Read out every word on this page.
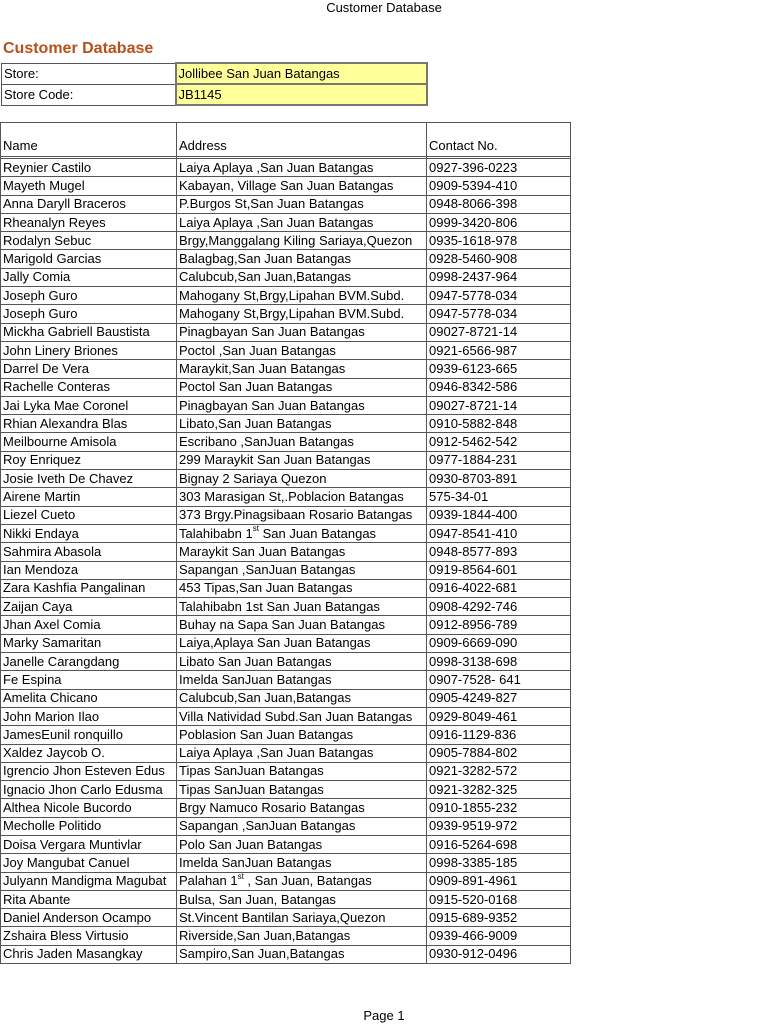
Customer Database
Customer Database
Store:	Jollibee San Juan Batangas
Store Code:	JB1145
Name	Address	Contact No.

Reynier Castilo	Laiya Aplaya ,San Juan Batangas	0927-396-0223
Mayeth Mugel	Kabayan, Village San Juan Batangas	0909-5394-410
Anna Daryll Braceros	P.Burgos St,San Juan Batangas	0948-8066-398
Rheanalyn Reyes	Laiya Aplaya ,San Juan Batangas	0999-3420-806
Rodalyn Sebuc	Brgy,Manggalang Kiling Sariaya,Quezon	0935-1618-978
Marigold Garcias	Balagbag,San Juan Batangas	0928-5460-908
Jally Comia	Calubcub,San Juan,Batangas	0998-2437-964
Joseph Guro	Mahogany St,Brgy,Lipahan BVM.Subd.	0947-5778-034
Joseph Guro	Mahogany St,Brgy,Lipahan BVM.Subd.	0947-5778-034
Mickha Gabriell Baustista	Pinagbayan San Juan Batangas	09027-8721-14
John Linery Briones	Poctol ,San Juan Batangas	0921-6566-987
Darrel De Vera	Maraykit,San Juan Batangas	0939-6123-665
Rachelle Conteras	Poctol San Juan Batangas	0946-8342-586
Jai Lyka Mae Coronel	Pinagbayan San Juan Batangas	09027-8721-14
Rhian Alexandra Blas	Libato,San Juan Batangas	0910-5882-848
Meilbourne Amisola	Escribano ,SanJuan Batangas	0912-5462-542
Roy Enriquez	299 Maraykit San Juan Batangas	0977-1884-231
Josie Iveth De Chavez	Bignay 2 Sariaya Quezon	0930-8703-891
Airene Martin	303 Marasigan St,.Poblacion Batangas	575-34-01
Liezel Cueto	373 Brgy.Pinagsibaan Rosario Batangas	0939-1844-400
Nikki Endaya	Talahibabn 1st San Juan Batangas	0947-8541-410
Sahmira Abasola	Maraykit San Juan Batangas	0948-8577-893
Ian Mendoza	Sapangan ,SanJuan Batangas	0919-8564-601
Zara Kashfia Pangalinan	453 Tipas,San Juan Batangas	0916-4022-681
Zaijan Caya	Talahibabn 1st San Juan Batangas	0908-4292-746
Jhan Axel Comia	Buhay na Sapa San Juan Batangas	0912-8956-789
Marky Samaritan	Laiya,Aplaya San Juan Batangas	0909-6669-090
Janelle Carangdang	Libato San Juan Batangas	0998-3138-698
Fe Espina	Imelda SanJuan Batangas	0907-7528- 641
Amelita Chicano	Calubcub,San Juan,Batangas	0905-4249-827
John Marion Ilao	Villa Natividad Subd.San Juan Batangas	0929-8049-461
JamesEunil ronquillo	Poblasion San Juan Batangas	0916-1129-836
Xaldez Jaycob O.	Laiya Aplaya ,San Juan Batangas	0905-7884-802
Igrencio Jhon Esteven Edus	Tipas SanJuan Batangas	0921-3282-572
Ignacio Jhon Carlo Edusma	Tipas SanJuan Batangas	0921-3282-325
Althea Nicole Bucordo	Brgy Namuco Rosario Batangas	0910-1855-232
Mecholle Politido	Sapangan ,SanJuan Batangas	0939-9519-972
Doisa Vergara Muntivlar	Polo San Juan Batangas	0916-5264-698
Joy Mangubat Canuel	Imelda SanJuan Batangas	0998-3385-185
Julyann Mandigma Magubat	Palahan 1st , San Juan, Batangas	0909-891-4961
Rita Abante	Bulsa, San Juan, Batangas	0915-520-0168
Daniel Anderson Ocampo	St.Vincent Bantilan Sariaya,Quezon	0915-689-9352
Zshaira Bless Virtusio	Riverside,San Juan,Batangas	0939-466-9009
Chris Jaden Masangkay	Sampiro,San Juan,Batangas	0930-912-0496
Page 1
